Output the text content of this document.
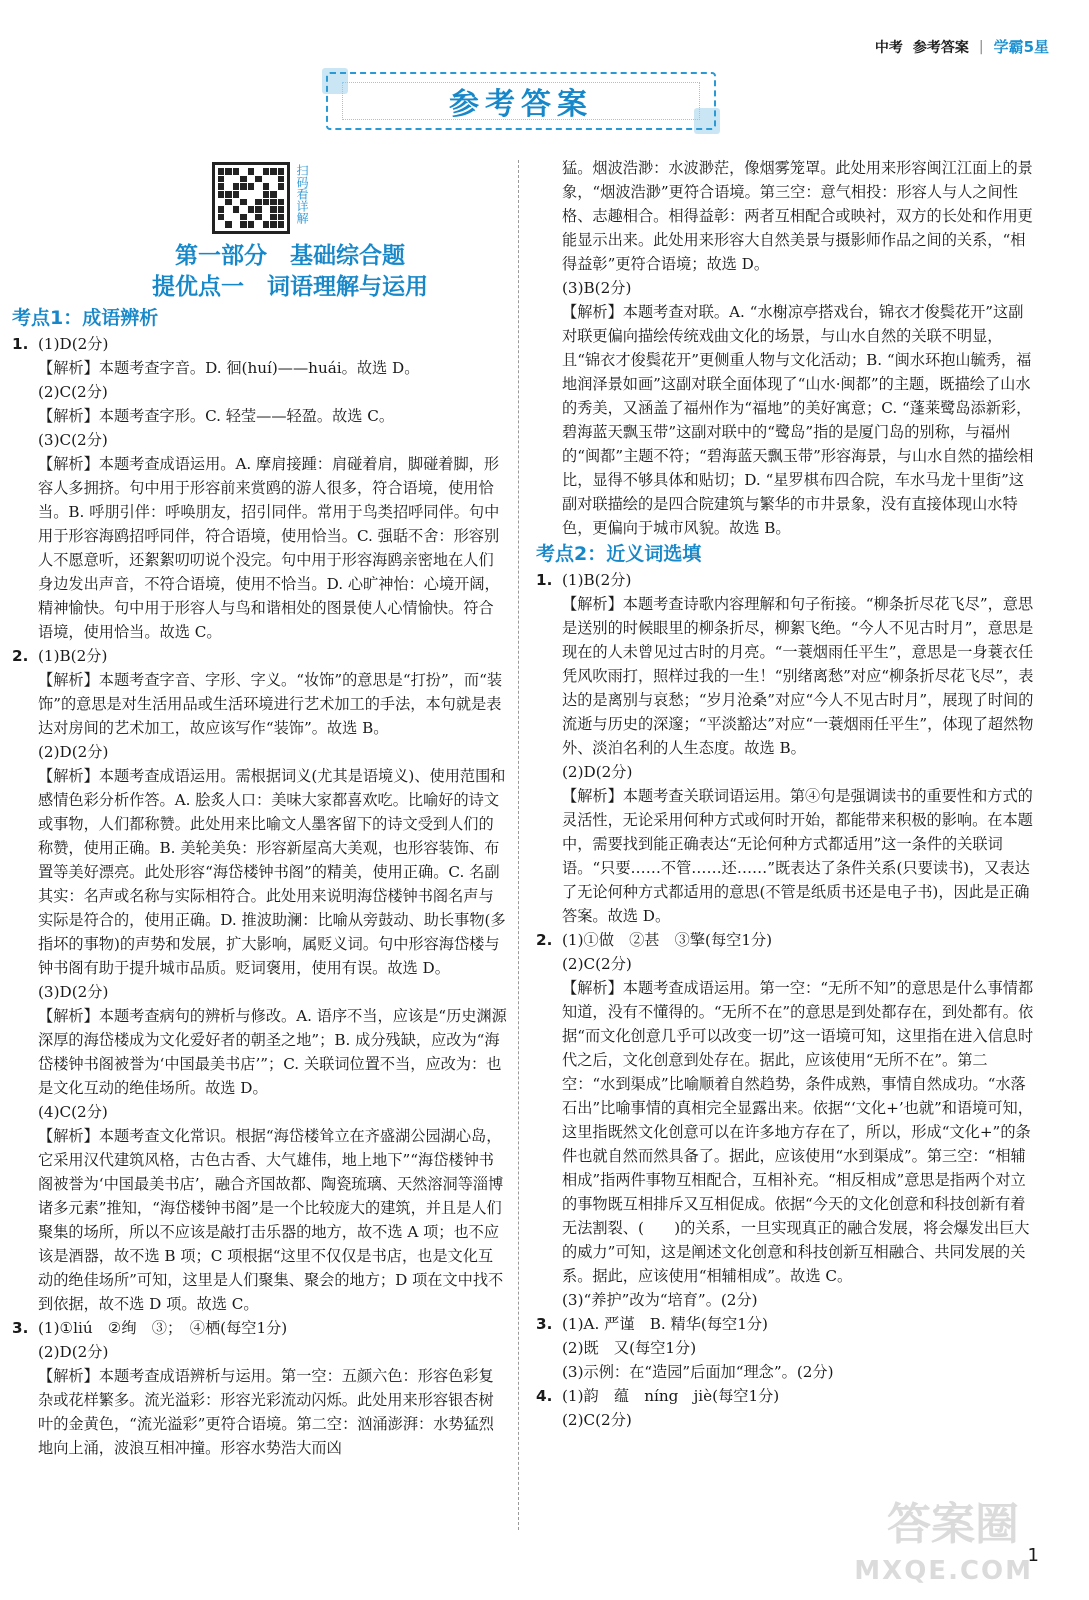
中考 参考答案 | 学霸5星
参考答案
扫码看详解
第一部分　基础综合题
提优点一　词语理解与运用
考点1：成语辨析
1. (1)D(2分)
【解析】本题考查字音。D. 徊(huí)——huái。故选 D。
(2)C(2分)
【解析】本题考查字形。C. 轻莹——轻盈。故选 C。
(3)C(2分)
【解析】本题考查成语运用。A. 摩肩接踵：肩碰着肩，脚碰着脚，形容人多拥挤。句中用于形容前来赏鸥的游人很多，符合语境，使用恰当。B. 呼朋引伴：呼唤朋友，招引同伴。常用于鸟类招呼同伴。句中用于形容海鸥招呼同伴，符合语境，使用恰当。C. 强聒不舍：形容别人不愿意听，还絮絮叨叨说个没完。句中用于形容海鸥亲密地在人们身边发出声音，不符合语境，使用不恰当。D. 心旷神怡：心境开阔，精神愉快。句中用于形容人与鸟和谐相处的图景使人心情愉快。符合语境，使用恰当。故选 C。
2. (1)B(2分)
【解析】本题考查字音、字形、字义。“妆饰”的意思是“打扮”，而“装饰”的意思是对生活用品或生活环境进行艺术加工的手法，本句就是表达对房间的艺术加工，故应该写作“装饰”。故选 B。
(2)D(2分)
【解析】本题考查成语运用。需根据词义(尤其是语境义)、使用范围和感情色彩分析作答。A. 脍炙人口：美味大家都喜欢吃。比喻好的诗文或事物，人们都称赞。此处用来比喻文人墨客留下的诗文受到人们的称赞，使用正确。B. 美轮美奂：形容新屋高大美观，也形容装饰、布置等美好漂亮。此处形容“海岱楼钟书阁”的精美，使用正确。C. 名副其实：名声或名称与实际相符合。此处用来说明海岱楼钟书阁名声与实际是符合的，使用正确。D. 推波助澜：比喻从旁鼓动、助长事物(多指坏的事物)的声势和发展，扩大影响，属贬义词。句中形容海岱楼与钟书阁有助于提升城市品质。贬词褒用，使用有误。故选 D。
(3)D(2分)
【解析】本题考查病句的辨析与修改。A. 语序不当，应该是“历史渊源深厚的海岱楼成为文化爱好者的朝圣之地”；B. 成分残缺，应改为“海岱楼钟书阁被誉为‘中国最美书店’”；C. 关联词位置不当，应改为：也是文化互动的绝佳场所。故选 D。
(4)C(2分)
【解析】本题考查文化常识。根据“海岱楼耸立在齐盛湖公园湖心岛，它采用汉代建筑风格，古色古香、大气雄伟，地上地下”“海岱楼钟书阁被誉为‘中国最美书店’，融合齐国故都、陶瓷琉璃、天然溶洞等淄博诸多元素”推知，“海岱楼钟书阁”是一个比较庞大的建筑，并且是人们聚集的场所，所以不应该是敲打击乐器的地方，故不选 A 项；也不应该是酒器，故不选 B 项；C 项根据“这里不仅仅是书店，也是文化互动的绝佳场所”可知，这里是人们聚集、聚会的地方；D 项在文中找不到依据，故不选 D 项。故选 C。
3. (1)①liú　②绚　③；　④栖(每空1分)
(2)D(2分)
【解析】本题考查成语辨析与运用。第一空：五颜六色：形容色彩复杂或花样繁多。流光溢彩：形容光彩流动闪烁。此处用来形容银杏树叶的金黄色，“流光溢彩”更符合语境。第二空：汹涌澎湃：水势猛烈地向上涌，波浪互相冲撞。形容水势浩大而凶
猛。烟波浩渺：水波渺茫，像烟雾笼罩。此处用来形容闽江江面上的景象，“烟波浩渺”更符合语境。第三空：意气相投：形容人与人之间性格、志趣相合。相得益彰：两者互相配合或映衬，双方的长处和作用更能显示出来。此处用来形容大自然美景与摄影师作品之间的关系，“相得益彰”更符合语境；故选 D。
(3)B(2分)
【解析】本题考查对联。A. “水榭凉亭搭戏台，锦衣才俊鬓花开”这副对联更偏向描绘传统戏曲文化的场景，与山水自然的关联不明显，且“锦衣才俊鬓花开”更侧重人物与文化活动；B. “闽水环抱山毓秀，福地润泽景如画”这副对联全面体现了“山水·闽都”的主题，既描绘了山水的秀美，又涵盖了福州作为“福地”的美好寓意；C. “蓬莱鹭岛添新彩，碧海蓝天飘玉带”这副对联中的“鹭岛”指的是厦门岛的别称，与福州的“闽都”主题不符；“碧海蓝天飘玉带”形容海景，与山水自然的描绘相比，显得不够具体和贴切；D. “星罗棋布四合院，车水马龙十里街”这副对联描绘的是四合院建筑与繁华的市井景象，没有直接体现山水特色，更偏向于城市风貌。故选 B。
考点2：近义词选填
1. (1)B(2分)
【解析】本题考查诗歌内容理解和句子衔接。“柳条折尽花飞尽”，意思是送别的时候眼里的柳条折尽，柳絮飞绝。“今人不见古时月”，意思是现在的人未曾见过古时的月亮。“一蓑烟雨任平生”，意思是一身蓑衣任凭风吹雨打，照样过我的一生！“别绪离愁”对应“柳条折尽花飞尽”，表达的是离别与哀愁；“岁月沧桑”对应“今人不见古时月”，展现了时间的流逝与历史的深邃；“平淡豁达”对应“一蓑烟雨任平生”，体现了超然物外、淡泊名利的人生态度。故选 B。
(2)D(2分)
【解析】本题考查关联词语运用。第④句是强调读书的重要性和方式的灵活性，无论采用何种方式或何时开始，都能带来积极的影响。在本题中，需要找到能正确表达“无论何种方式都适用”这一条件的关联词语。“只要……不管……还……”既表达了条件关系(只要读书)，又表达了无论何种方式都适用的意思(不管是纸质书还是电子书)，因此是正确答案。故选 D。
2. (1)①做　②甚　③擎(每空1分)
(2)C(2分)
【解析】本题考查成语运用。第一空：“无所不知”的意思是什么事情都知道，没有不懂得的。“无所不在”的意思是到处都存在，到处都有。依据“而文化创意几乎可以改变一切”这一语境可知，这里指在进入信息时代之后，文化创意到处存在。据此，应该使用“无所不在”。第二空：“水到渠成”比喻顺着自然趋势，条件成熟，事情自然成功。“水落石出”比喻事情的真相完全显露出来。依据“‘文化+’也就”和语境可知，这里指既然文化创意可以在许多地方存在了，所以，形成“文化+”的条件也就自然而然具备了。据此，应该使用“水到渠成”。第三空：“相辅相成”指两件事物互相配合，互相补充。“相反相成”意思是指两个对立的事物既互相排斥又互相促成。依据“今天的文化创意和科技创新有着无法割裂、(　　)的关系，一旦实现真正的融合发展，将会爆发出巨大的威力”可知，这是阐述文化创意和科技创新互相融合、共同发展的关系。据此，应该使用“相辅相成”。故选 C。
(3)“养护”改为“培育”。(2分)
3. (1)A. 严谨　B. 精华(每空1分)
(2)既　又(每空1分)
(3)示例：在“造园”后面加“理念”。(2分)
4. (1)韵　蕴　níng　jiè(每空1分)
(2)C(2分)
答案圈
MXQE.COM
1
